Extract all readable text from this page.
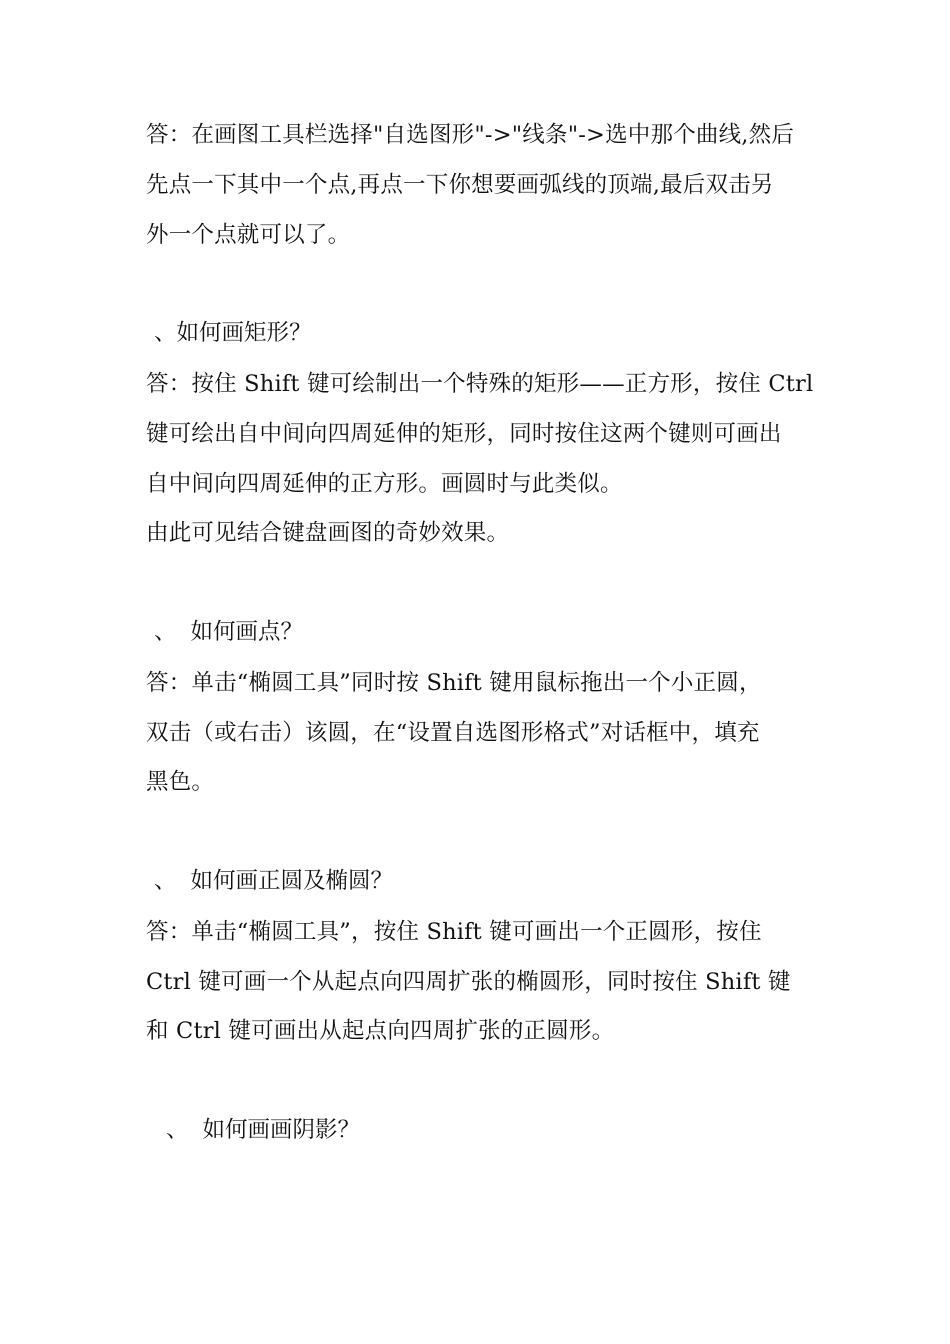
答：在画图工具栏选择"自选图形"->"线条"->选中那个曲线,然后
先点一下其中一个点,再点一下你想要画弧线的顶端,最后双击另
外一个点就可以了。
、如何画矩形？
答：按住 Shift 键可绘制出一个特殊的矩形——正方形，按住 Ctrl
键可绘出自中间向四周延伸的矩形，同时按住这两个键则可画出
自中间向四周延伸的正方形。画圆时与此类似。
由此可见结合键盘画图的奇妙效果。
、 如何画点？
答：单击“椭圆工具”同时按 Shift 键用鼠标拖出一个小正圆，
双击（或右击）该圆，在“设置自选图形格式”对话框中，填充
黑色。
、 如何画正圆及椭圆？
答：单击“椭圆工具”，按住 Shift 键可画出一个正圆形，按住
Ctrl 键可画一个从起点向四周扩张的椭圆形，同时按住 Shift 键
和 Ctrl 键可画出从起点向四周扩张的正圆形。
、 如何画画阴影？
